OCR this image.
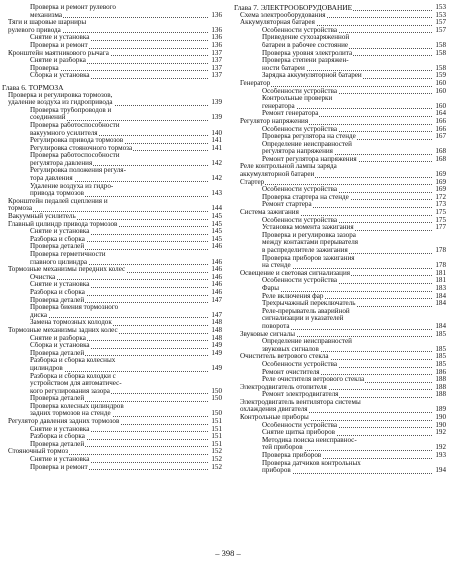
Проверка и ремонт рулевого
механизма	136
Тяги и шаровые шарниры
рулевого привода	136
Снятие и установка	136
Проверка и ремонт	136
Кронштейн маятникового рычага	137
Снятие и разборка	137
Проверка	137
Сборка и установка	137
Глава 6. ТОРМОЗА
Проверка и регулировка тормозов,
удаление воздуха из гидропривода	139
Проверка трубопроводов и
соединений	139
Проверка работоспособности
вакуумного усилителя	140
Регулировка привода тормозов	141
Регулировка стояночного тормоза	141
Проверка работоспособности
регулятора давления	142
Регулировка положения регуля-
тора давления	142
Удаление воздуха из гидро-
привода тормозов	143
Кронштейн педалей сцепления и
тормоза	144
Вакуумный усилитель	145
Главный цилиндр привода тормозов	145
Снятие и установка	145
Разборка и сборка	145
Проверка деталей	146
Проверка герметичности
главного цилиндра	146
Тормозные механизмы передних колес	146
Очистка	146
Снятие и установка	146
Разборка и сборка	146
Проверка деталей	147
Проверка биения тормозного
диска	147
Замена тормозных колодок	148
Тормозные механизмы задних колес	148
Снятие и разборка	148
Сборка и установка	149
Проверка деталей	149
Разборка и сборка колесных
цилиндров	149
Разборка и сборка колодки с
устройством для автоматичес-
кого регулирования зазора	150
Проверка деталей	150
Проверка колесных цилиндров
задних тормозов на стенде	150
Регулятор давления задних тормозов	151
Снятие и установка	151
Разборка и сборка	151
Проверка деталей	151
Стояночный тормоз	152
Снятие и установка	152
Проверка и ремонт	152
Глава 7. ЭЛЕКТРООБОРУДОВАНИЕ	153
Схема электрооборудования	153
Аккумуляторная батарея	157
Особенности устройства	157
Приведение сухозаряженной
батареи в рабочее состояние	158
Проверка уровня электролита	158
Проверка степени разряжен-
ности батареи	158
Зарядка аккумуляторной батареи	159
Генератор	160
Особенности устройства	160
Контрольные проверки
генератора	160
Ремонт генератора	164
Регулятор напряжения	166
Особенности устройства	166
Проверка регулятора на стенде	167
Определение неисправностей
регулятора напряжения	168
Ремонт регулятора напряжения	168
Реле контрольной лампы заряда
аккумуляторной батареи	169
Стартер	169
Особенности устройства	169
Проверка стартера на стенде	172
Ремонт стартера	173
Система зажигания	175
Особенности устройства	175
Установка момента зажигания	177
Проверка и регулировка зазора
между контактами прерывателя
в распределителе зажигания	178
Проверка приборов зажигания
на стенде	178
Освещение и световая сигнализация	181
Особенности устройства	181
Фары	183
Реле включения фар	184
Трехрычажный переключатель	184
Реле-прерыватель аварийной
сигнализации и указателей
поворота	184
Звуковые сигналы	185
Определение неисправностей
звуковых сигналов	185
Очиститель ветрового стекла	185
Особенности устройства	185
Ремонт очистителя	186
Реле очистителя ветрового стекла	188
Электродвигатель отопителя	188
Ремонт электродвигателя	188
Электродвигатель вентилятора системы
охлаждения двигателя	189
Контрольные приборы	190
Особенности устройства	190
Снятие щитка приборов	192
Методика поиска неисправнос-
тей приборов	192
Проверка приборов	193
Проверка датчиков контрольных
приборов	194
– 398 –
